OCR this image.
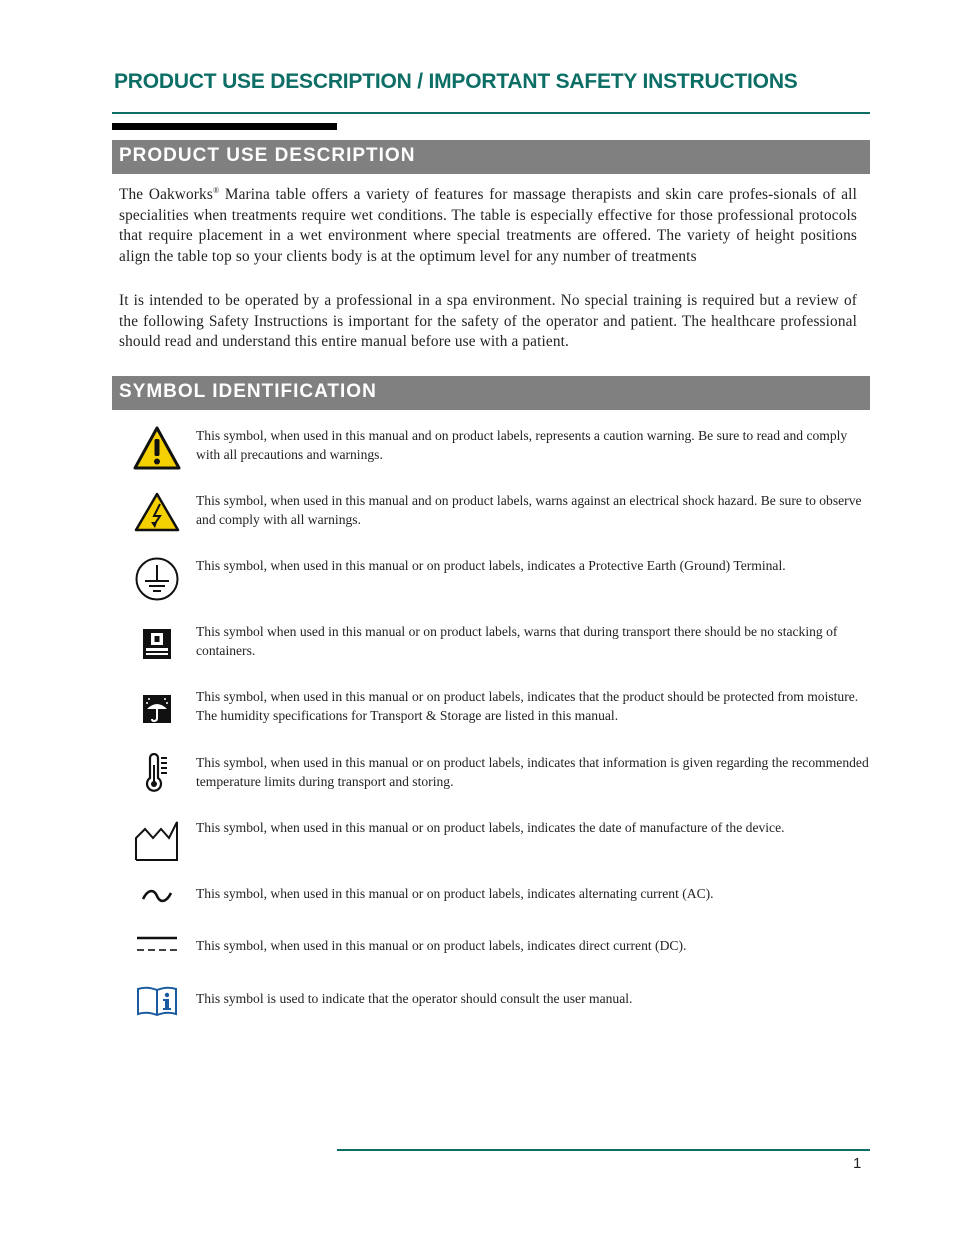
PRODUCT USE DESCRIPTION / IMPORTANT SAFETY INSTRUCTIONS
PRODUCT USE DESCRIPTION

The Oakworks® Marina table offers a variety of features for massage therapists and skin care profes-sionals of all specialities when treatments require wet conditions. The table is especially effective for those professional protocols that require placement in a wet environment where special treatments are offered. The variety of height positions align the table top so your clients body is at the optimum level for any number of treatments

It is intended to be operated by a professional in a spa environment. No special training is required but a review of the following Safety Instructions is important for the safety of the operator and patient. The healthcare professional should read and understand this entire manual before use with a patient.

SYMBOL IDENTIFICATION

This symbol, when used in this manual and on product labels, represents a caution warning. Be sure to read and comply with all precautions and warnings.

This symbol, when used in this manual and on product labels, warns against an electrical shock hazard. Be sure to observe and comply with all warnings.

This symbol, when used in this manual or on product labels, indicates a Protective Earth (Ground) Terminal.

This symbol when used in this manual or on product labels, warns that during transport there should be no stacking of containers.

This symbol, when used in this manual or on product labels, indicates that the product should be protected from moisture. The humidity specifications for Transport & Storage are listed in this manual.

This symbol, when used in this manual or on product labels, indicates that information is given regarding the recommended temperature limits during transport and storing.

This symbol, when used in this manual or on product labels, indicates the date of manufacture of the device.

This symbol, when used in this manual or on product labels, indicates alternating current (AC).

This symbol, when used in this manual or on product labels, indicates direct current (DC).

This symbol is used to indicate that the operator should consult the user manual.

1
